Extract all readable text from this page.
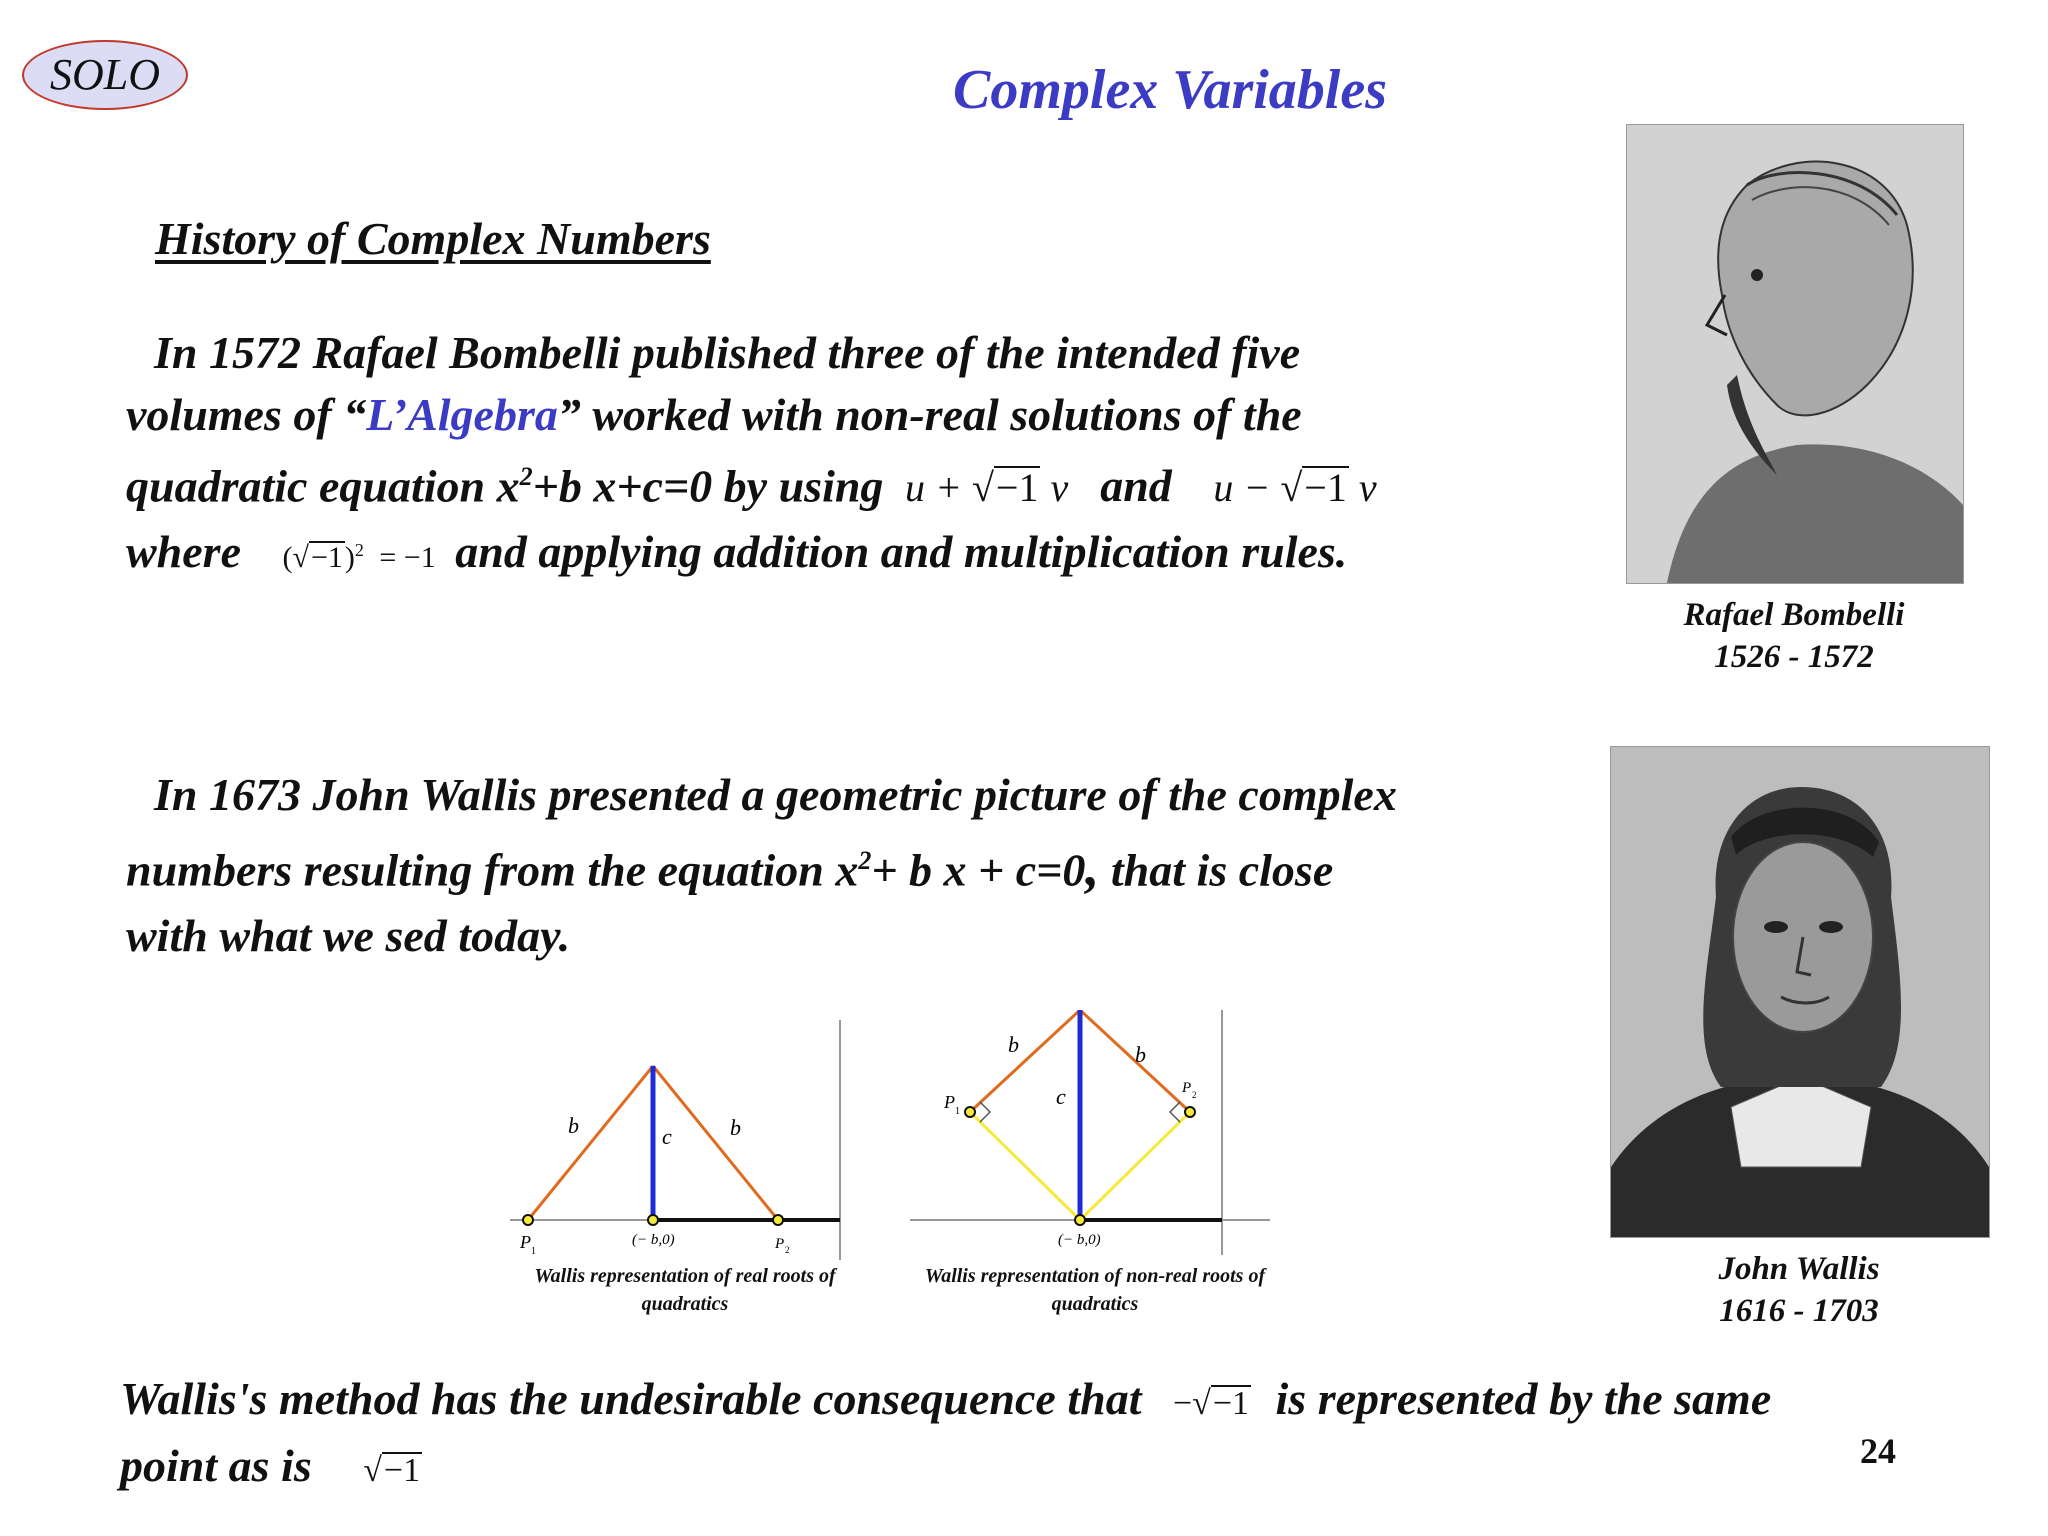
SOLO	Complex Variables
History of Complex Numbers
In 1572 Rafael Bombelli published three of the intended five
volumes of “L’Algebra” worked with non-real solutions of the
quadratic equation $x^2+b$ x+c=0 by using u + √−1 v and u − √−1 v
where $(√-1)^2 = -1$ and applying addition and multiplication rules.
Rafael Bombelli
1526 - 1572
In 1673 John Wallis presented a geometric picture of the complex
numbers resulting from the equation $x^2+ b$ x + c=0, that is close
with what we sed today.
John Wallis
1616 - 1703
b	b
c
P 1
(− b,0)	P 2
Wallis representation of real roots of
quadratics
b	b
c
P 1
P 2
(− b,0)
Wallis representation of non-real roots of
quadratics
Wallis's method has the undesirable consequence that −√−1 is represented by the same
point as is √−1	24
